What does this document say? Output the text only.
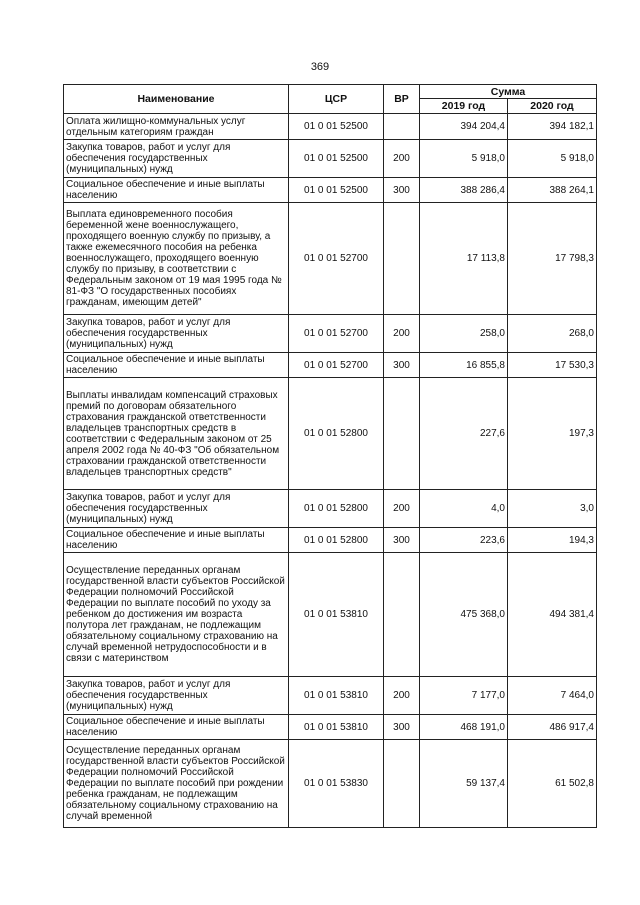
369
Наименование	ЦСР	ВР	Сумма	
			2019 год	2020 год
Оплата жилищно-коммунальных услуг отдельным категориям граждан	01 0 01 52500		394 204,4	394 182,1
Закупка товаров, работ и услуг для обеспечения государственных (муниципальных) нужд	01 0 01 52500	200	5 918,0	5 918,0
Социальное обеспечение и иные выплаты населению	01 0 01 52500	300	388 286,4	388 264,1
Выплата единовременного пособия беременной жене военнослужащего, проходящего военную службу по призыву, а также ежемесячного пособия на ребенка военнослужащего, проходящего военную службу по призыву, в соответствии с Федеральным законом от 19 мая 1995 года № 81-ФЗ "О государственных пособиях гражданам, имеющим детей"	01 0 01 52700		17 113,8	17 798,3
Закупка товаров, работ и услуг для обеспечения государственных (муниципальных) нужд	01 0 01 52700	200	258,0	268,0
Социальное обеспечение и иные выплаты населению	01 0 01 52700	300	16 855,8	17 530,3
Выплаты инвалидам компенсаций страховых премий по договорам обязательного страхования гражданской ответственности владельцев транспортных средств в соответствии с Федеральным законом от 25 апреля 2002 года № 40-ФЗ "Об обязательном страховании гражданской ответственности владельцев транспортных средств"	01 0 01 52800		227,6	197,3
Закупка товаров, работ и услуг для обеспечения государственных (муниципальных) нужд	01 0 01 52800	200	4,0	3,0
Социальное обеспечение и иные выплаты населению	01 0 01 52800	300	223,6	194,3
Осуществление переданных органам государственной власти субъектов Российской Федерации полномочий Российской Федерации по выплате пособий по уходу за ребенком до достижения им возраста полутора лет гражданам, не подлежащим обязательному социальному страхованию на случай временной нетрудоспособности и в связи с материнством	01 0 01 53810		475 368,0	494 381,4
Закупка товаров, работ и услуг для обеспечения государственных (муниципальных) нужд	01 0 01 53810	200	7 177,0	7 464,0
Социальное обеспечение и иные выплаты населению	01 0 01 53810	300	468 191,0	486 917,4
Осуществление переданных органам государственной власти субъектов Российской Федерации полномочий Российской Федерации по выплате пособий при рождении ребенка гражданам, не подлежащим обязательному социальному страхованию на случай временной	01 0 01 53830		59 137,4	61 502,8
